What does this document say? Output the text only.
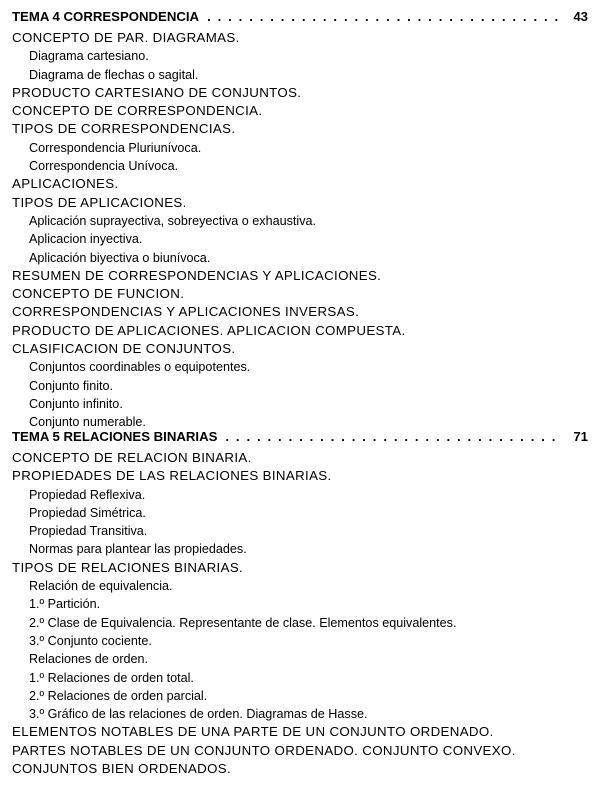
TEMA 4 CORRESPONDENCIA . . .	43
CONCEPTO DE PAR. DIAGRAMAS.
Diagrama cartesiano.
Diagrama de flechas o sagital.
PRODUCTO CARTESIANO DE CONJUNTOS.
CONCEPTO DE CORRESPONDENCIA.
TIPOS DE CORRESPONDENCIAS.
Correspondencia Pluriunívoca.
Correspondencia Unívoca.
APLICACIONES.
TIPOS DE APLICACIONES.
Aplicación suprayectiva, sobreyectiva o exhaustiva.
Aplicacion inyectiva.
Aplicación biyectiva o biunívoca.
RESUMEN DE CORRESPONDENCIAS Y APLICACIONES.
CONCEPTO DE FUNCION.
CORRESPONDENCIAS Y APLICACIONES INVERSAS.
PRODUCTO DE APLICACIONES. APLICACION COMPUESTA.
CLASIFICACION DE CONJUNTOS.
Conjuntos coordinables o equipotentes.
Conjunto finito.
Conjunto infinito.
Conjunto numerable.
TEMA 5 RELACIONES BINARIAS . . .	71
CONCEPTO DE RELACION BINARIA.
PROPIEDADES DE LAS RELACIONES BINARIAS.
Propiedad Reflexiva.
Propiedad Simétrica.
Propiedad Transitiva.
Normas para plantear las propiedades.
TIPOS DE RELACIONES BINARIAS.
Relación de equivalencia.
1.º Partición.
2.º Clase de Equivalencia. Representante de clase. Elementos equivalentes.
3.º Conjunto cociente.
Relaciones de orden.
1.º Relaciones de orden total.
2.º Relaciones de orden parcial.
3.º Gráfico de las relaciones de orden. Diagramas de Hasse.
ELEMENTOS NOTABLES DE UNA PARTE DE UN CONJUNTO ORDENADO.
PARTES NOTABLES DE UN CONJUNTO ORDENADO. CONJUNTO CONVEXO.
CONJUNTOS BIEN ORDENADOS.
